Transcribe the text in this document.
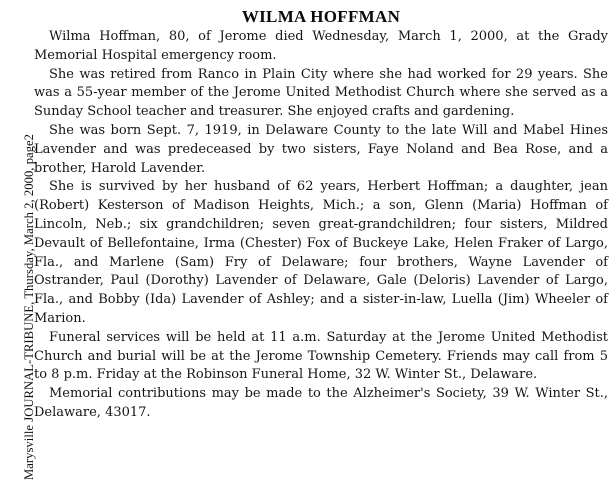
Marysville JOURNAL-TRIBUNE, Thursday, March 2, 2000, page2
WILMA HOFFMAN

Wilma Hoffman, 80, of Jerome died Wednesday, March 1, 2000, at the Grady Memorial Hospital emergency room.

She was retired from Ranco in Plain City where she had worked for 29 years. She was a 55-year member of the Jerome United Methodist Church where she served as a Sunday School teacher and treasurer. She enjoyed crafts and gardening.

She was born Sept. 7, 1919, in Delaware County to the late Will and Mabel Hines Lavender and was predeceased by two sisters, Faye Noland and Bea Rose, and a brother, Harold Lavender.

She is survived by her husband of 62 years, Herbert Hoffman; a daughter, jean (Robert) Kesterson of Madison Heights, Mich.; a son, Glenn (Maria) Hoffman of Lincoln, Neb.; six grandchildren; seven great-grandchildren; four sisters, Mildred Devault of Bellefontaine, Irma (Chester) Fox of Buckeye Lake, Helen Fraker of Largo, Fla., and Marlene (Sam) Fry of Delaware; four brothers, Wayne Lavender of Ostrander, Paul (Dorothy) Lavender of Delaware, Gale (Deloris) Lavender of Largo, Fla., and Bobby (Ida) Lavender of Ashley; and a sister-in-law, Luella (Jim) Wheeler of Marion.

Funeral services will be held at 11 a.m. Saturday at the Jerome United Methodist Church and burial will be at the Jerome Township Cemetery. Friends may call from 5 to 8 p.m. Friday at the Robinson Funeral Home, 32 W. Winter St., Delaware.

Memorial contributions may be made to the Alzheimer's Society, 39 W. Winter St., Delaware, 43017.
